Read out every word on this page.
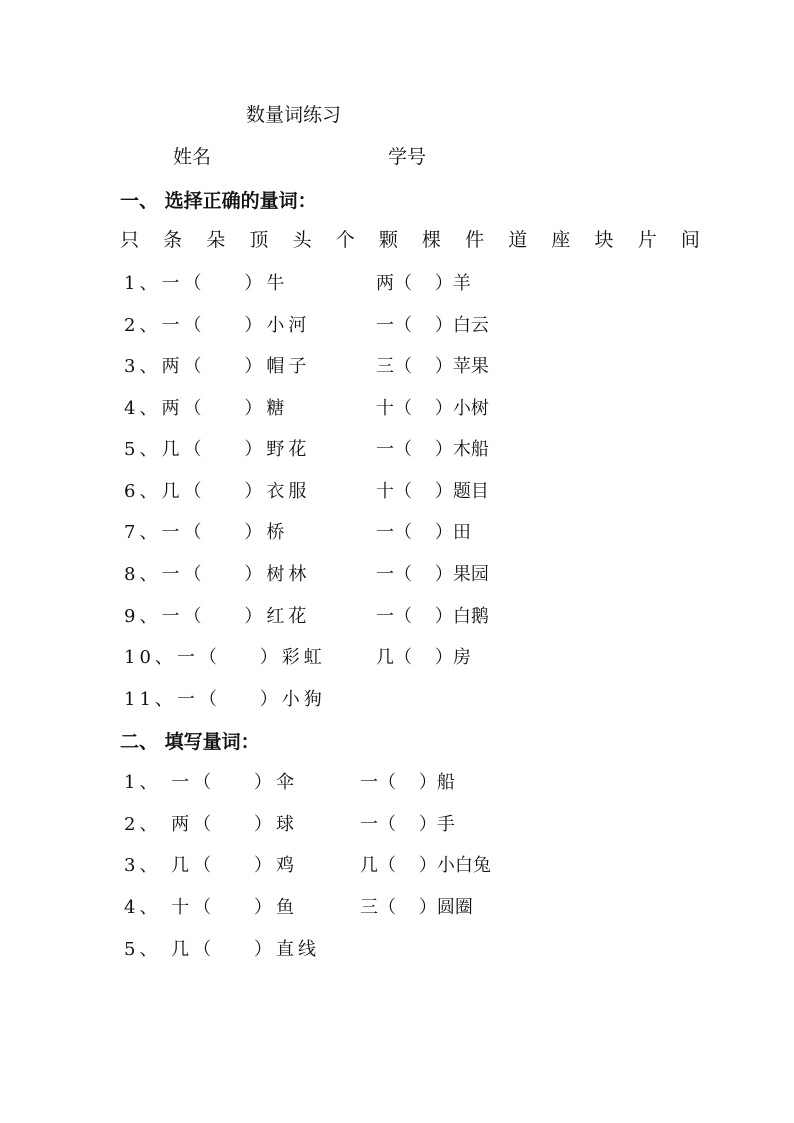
数量词练习
姓名	学号
一、 选择正确的量词：
只 条 朵 顶 头 个 颗 棵 件 道 座 块 片 间
1、一（    ）牛	两（    ）羊
2、一（    ）小河	一（    ）白云
3、两（    ）帽子	三（    ）苹果
4、两（    ）糖	十（    ）小树
5、几（    ）野花	一（    ）木船
6、几（    ）衣服	十（    ）题目
7、一（    ）桥	一（    ）田
8、一（    ）树林	一（    ）果园
9、一（    ）红花	一（    ）白鹅
10、一（    ）彩虹	几（    ）房
11、一（    ）小狗
二、 填写量词：
1、 一（    ）伞	一（    ）船
2、 两（    ）球	一（    ）手
3、 几（    ）鸡	几（    ）小白兔
4、 十（    ）鱼	三（    ）圆圈
5、 几（    ）直线
